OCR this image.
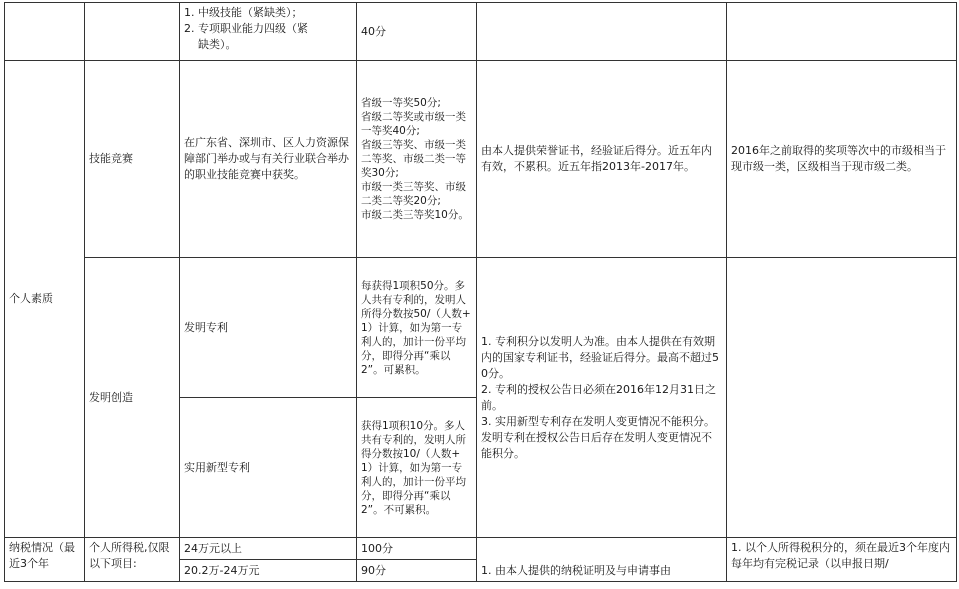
		1. 中级技能（紧缺类）；
2. 专项职业能力四级（紧
缺类）。	40分		
个人素质	技能竞赛	在广东省、深圳市、区人力资源保障部门举办或与有关行业联合举办的职业技能竞赛中获奖。	省级一等奖50分;
省级二等奖或市级一类一等奖40分;
省级三等奖、市级一类二等奖、市级二类一等奖30分;
市级一类三等奖、市级二类二等奖20分;
市级二类三等奖10分。	由本人提供荣誉证书，经验证后得分。近五年内有效，不累积。近五年指2013年-2017年。	2016年之前取得的奖项等次中的市级相当于现市级一类，区级相当于现市级二类。
	发明创造	发明专利	每获得1项积50分。多人共有专利的，发明人所得分数按50/（人数+1）计算，如为第一专利人的，加计一份平均分，即得分再“乘以2”。可累积。	1. 专利积分以发明人为准。由本人提供在有效期内的国家专利证书，经验证后得分。最高不超过50分。
2. 专利的授权公告日必须在2016年12月31日之前。
3. 实用新型专利存在发明人变更情况不能积分。发明专利在授权公告日后存在发明人变更情况不能积分。	

		实用新型专利	获得1项积10分。多人共有专利的，发明人所得分数按10/（人数+1）计算，如为第一专利人的，加计一份平均分，即得分再“乘以2”。不可累积。		
纳税情况（最近3个年	个人所得税,仅限以下项目:	24万元以上	100分	1. 由本人提供的纳税证明及与申请事由	1. 以个人所得税积分的，须在最近3个年度内每年均有完税记录（以申报日期/
		20.2万-24万元	90分		
